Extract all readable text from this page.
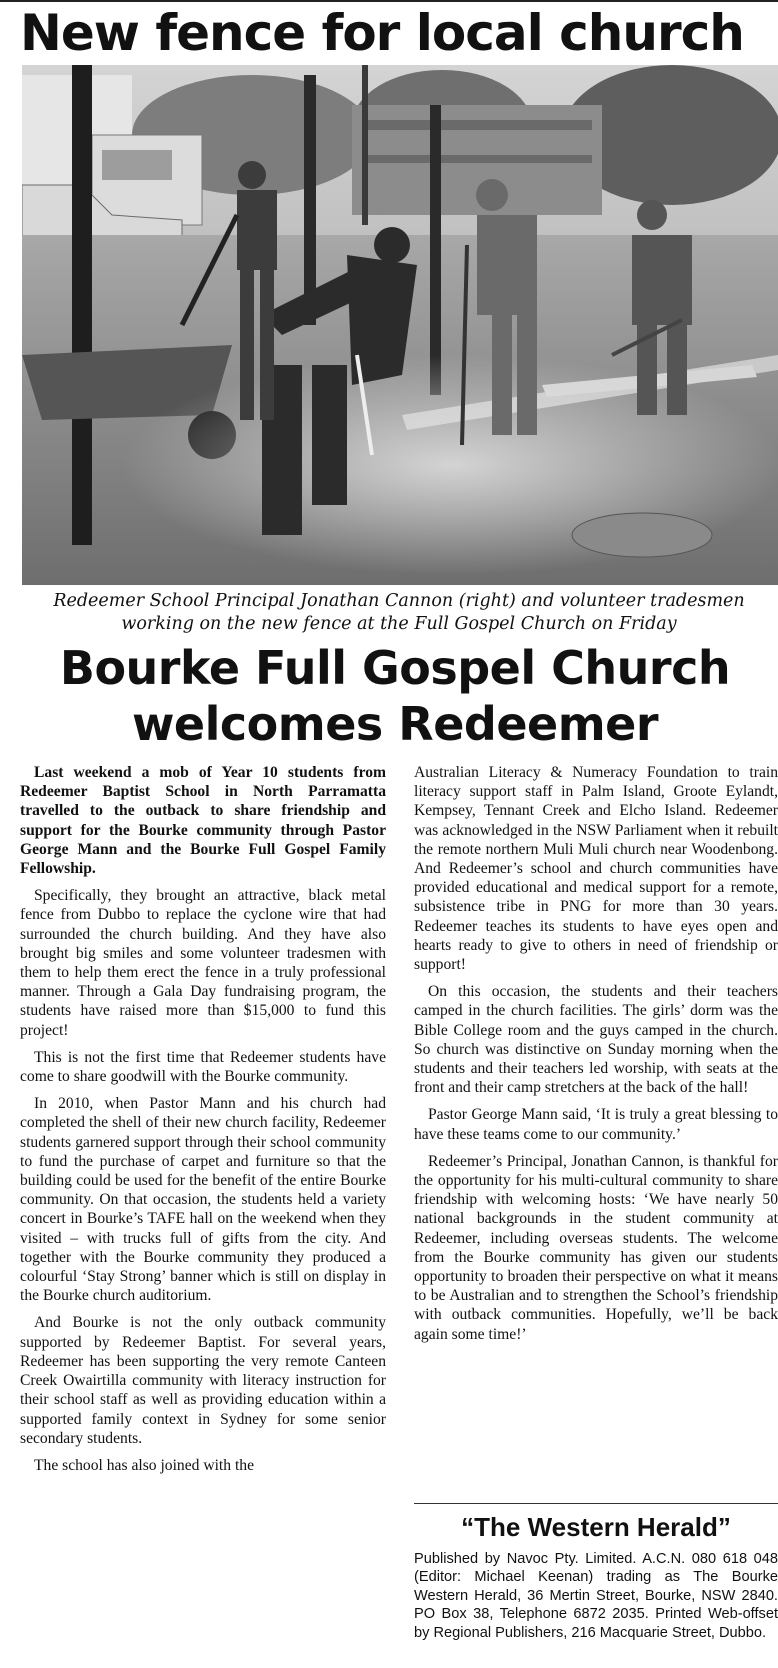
New fence for local church
Redeemer School Principal Jonathan Cannon (right) and volunteer tradesmen working on the new fence at the Full Gospel Church on Friday
Bourke Full Gospel Church
welcomes Redeemer

Last weekend a mob of Year 10 students from Redeemer Baptist School in North Parramatta travelled to the outback to share friendship and support for the Bourke community through Pastor George Mann and the Bourke Full Gospel Family Fellowship.

Specifically, they brought an attractive, black metal fence from Dubbo to replace the cyclone wire that had surrounded the church building. And they have also brought big smiles and some volunteer tradesmen with them to help them erect the fence in a truly professional manner. Through a Gala Day fundraising program, the students have raised more than $15,000 to fund this project!

This is not the first time that Redeemer students have come to share goodwill with the Bourke community.

In 2010, when Pastor Mann and his church had completed the shell of their new church facility, Redeemer students garnered support through their school community to fund the purchase of carpet and furniture so that the building could be used for the benefit of the entire Bourke community. On that occasion, the students held a variety concert in Bourke’s TAFE hall on the weekend when they visited – with trucks full of gifts from the city. And together with the Bourke community they produced a colourful ‘Stay Strong’ banner which is still on display in the Bourke church auditorium.

And Bourke is not the only outback community supported by Redeemer Baptist. For several years, Redeemer has been supporting the very remote Canteen Creek Owairtilla community with literacy instruction for their school staff as well as providing education within a supported family context in Sydney for some senior secondary students.

The school has also joined with the

Australian Literacy & Numeracy Foundation to train literacy support staff in Palm Island, Groote Eylandt, Kempsey, Tennant Creek and Elcho Island. Redeemer was acknowledged in the NSW Parliament when it rebuilt the remote northern Muli Muli church near Woodenbong. And Redeemer’s school and church communities have provided educational and medical support for a remote, subsistence tribe in PNG for more than 30 years. Redeemer teaches its students to have eyes open and hearts ready to give to others in need of friendship or support!

On this occasion, the students and their teachers camped in the church facilities. The girls’ dorm was the Bible College room and the guys camped in the church. So church was distinctive on Sunday morning when the students and their teachers led worship, with seats at the front and their camp stretchers at the back of the hall!

Pastor George Mann said, ‘It is truly a great blessing to have these teams come to our community.’

Redeemer’s Principal, Jonathan Cannon, is thankful for the opportunity for his multi-cultural community to share friendship with welcoming hosts: ‘We have nearly 50 national backgrounds in the student community at Redeemer, including overseas students. The welcome from the Bourke community has given our students opportunity to broaden their perspective on what it means to be Australian and to strengthen the School’s friendship with outback communities. Hopefully, we’ll be back again some time!’

“The Western Herald”
Published by Navoc Pty. Limited. A.C.N. 080 618 048 (Editor: Michael Keenan) trading as The Bourke Western Herald, 36 Mertin Street, Bourke, NSW 2840. PO Box 38, Telephone 6872 2035. Printed Web-offset by Regional Publishers, 216 Macquarie Street, Dubbo.
